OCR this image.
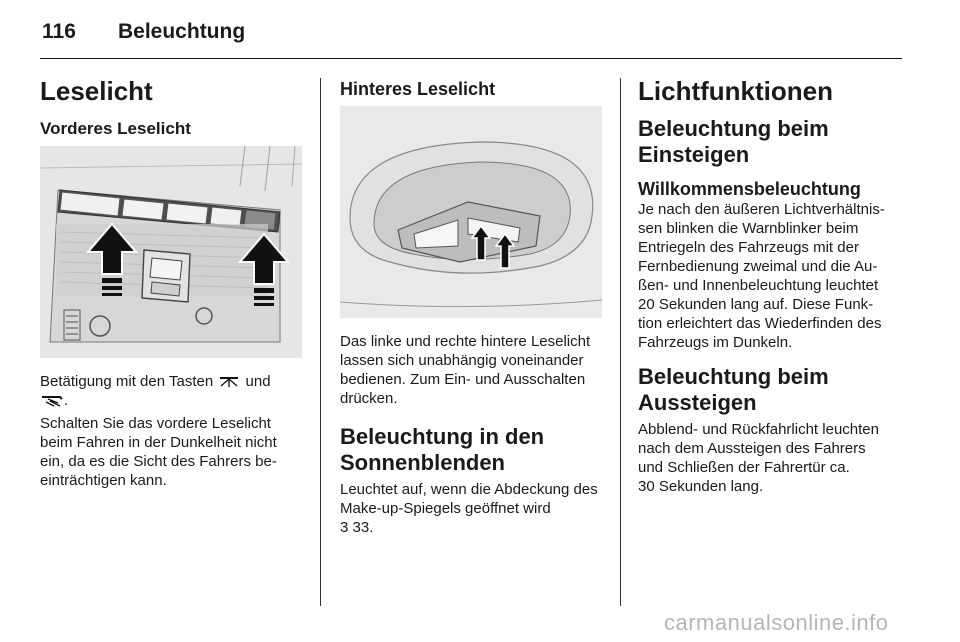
116 Beleuchtung
Leselicht
Vorderes Leselicht

Betätigung mit den Tasten und
.

Schalten Sie das vordere Leselicht beim Fahren in der Dunkelheit nicht ein, da es die Sicht des Fahrers be-einträchtigen kann.

Hinteres Leselicht

Das linke und rechte hintere Leselicht lassen sich unabhängig voneinander bedienen. Zum Ein- und Ausschalten drücken.

Beleuchtung in den
Sonnenblenden

Leuchtet auf, wenn die Abdeckung des Make-up-Spiegels geöffnet wird
3 33.

Lichtfunktionen
Beleuchtung beim
Einsteigen
Willkommensbeleuchtung

Je nach den äußeren Lichtverhältnis-

sen blinken die Warnblinker beim

Entriegeln des Fahrzeugs mit der

Fernbedienung zweimal und die Au-

ßen- und Innenbeleuchtung leuchtet

20 Sekunden lang auf. Diese Funk-

tion erleichtert das Wiederfinden des

Fahrzeugs im Dunkeln.

Beleuchtung beim
Aussteigen

Abblend- und Rückfahrlicht leuchten

nach dem Aussteigen des Fahrers

und Schließen der Fahrertür ca.

30 Sekunden lang.

carmanualsonline.info
